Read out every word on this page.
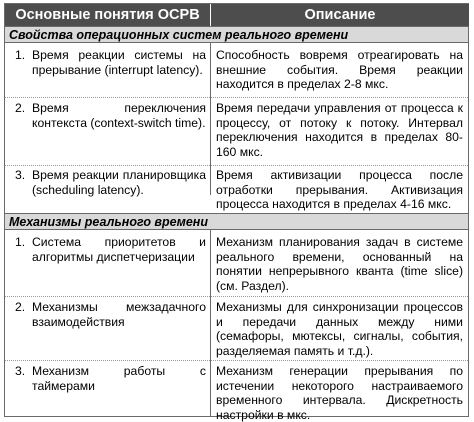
Основные понятия ОСРВ	Описание
Свойства операционных систем реального времени
1. Время реакции системы на прерывание (interrupt latency).
Способность вовремя отреагировать на внешние события. Время реакции находится в пределах 2-8 мкс.
2. Время переключения контекста (context-switch time).
Время передачи управления от процесса к процессу, от потоку к потоку. Интервал переключения находится в пределах 80-160 мкс.
3. Время реакции планировщика (scheduling latency).
Время активизации процесса после отработки прерывания. Активизация процесса находится в пределах 4-16 мкс.
Механизмы реального времени
1. Система приоритетов и алгоритмы диспетчеризации
Механизм планирования задач в системе реального времени, основанный на понятии непрерывного кванта (time slice) (см. Раздел).
2. Механизмы межзадачного взаимодействия
Механизмы для синхронизации процессов и передачи данных между ними (семафоры, мютексы, сигналы, события, разделяемая память и т.д.).
3. Механизм работы с таймерами
Механизм генерации прерывания по истечении некоторого настраиваемого временного интервала. Дискретность настройки в мкс.
